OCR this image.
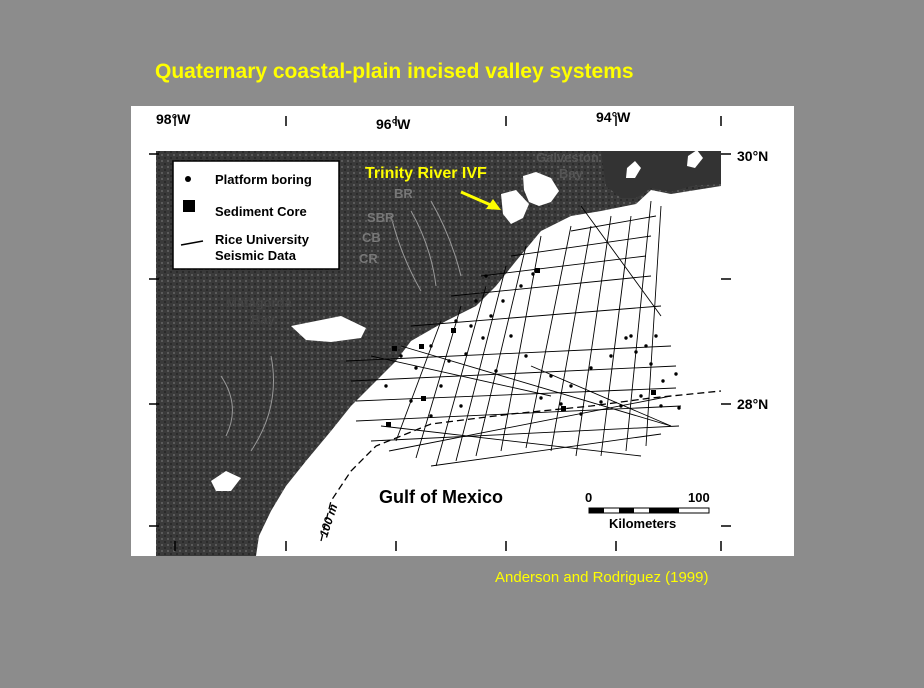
Quaternary coastal-plain incised valley systems
Platform boring
Sediment Core
Rice University
Seismic Data
98°W	96°W	94°W
30°N
28°N
Galveston
Bay
Matagorda
Bay
BR
SBR
CB
CR
Trinity River IVF
Gulf of Mexico
100 m
0	100
Kilometers
Anderson and Rodriguez (1999)
